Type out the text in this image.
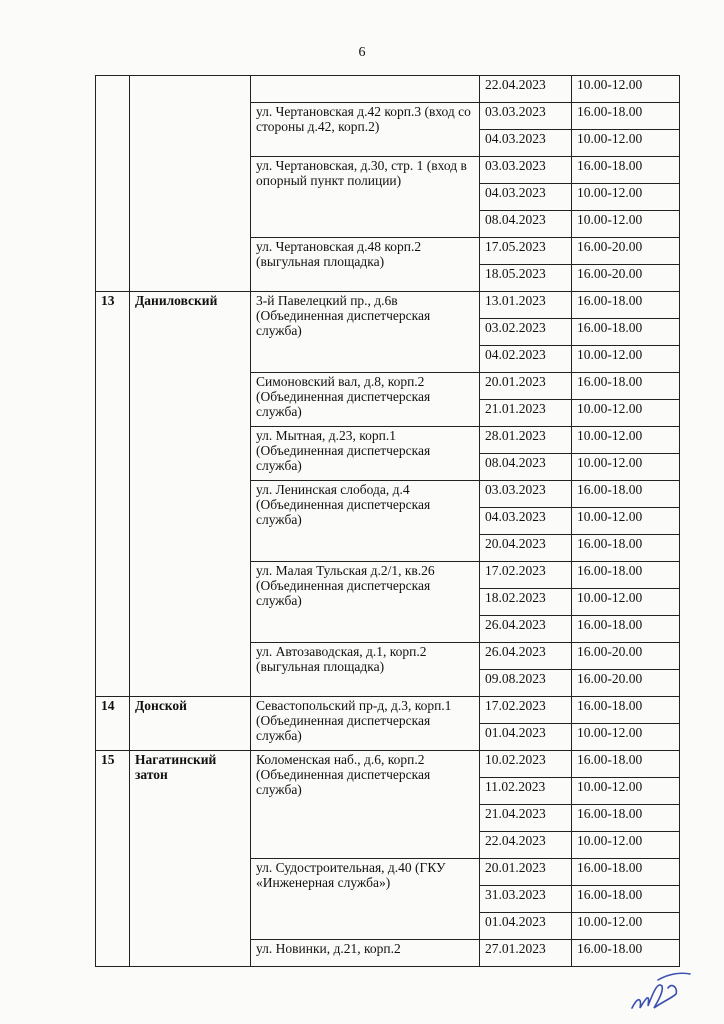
6
			22.04.2023	10.00-12.00
		ул. Чертановская д.42 корп.3 (вход со стороны д.42, корп.2)	03.03.2023	16.00-18.00
			04.03.2023	10.00-12.00
		ул. Чертановская, д.30, стр. 1 (вход в опорный пункт полиции)	03.03.2023	16.00-18.00
			04.03.2023	10.00-12.00
			08.04.2023	10.00-12.00
		ул. Чертановская д.48 корп.2 (выгульная площадка)	17.05.2023	16.00-20.00
			18.05.2023	16.00-20.00
13	Даниловский	3-й Павелецкий пр., д.6в (Объединенная диспетчерская служба)	13.01.2023	16.00-18.00
			03.02.2023	16.00-18.00
			04.02.2023	10.00-12.00
		Симоновский вал, д.8, корп.2 (Объединенная диспетчерская служба)	20.01.2023	16.00-18.00
			21.01.2023	10.00-12.00
		ул. Мытная, д.23, корп.1 (Объединенная диспетчерская служба)	28.01.2023	10.00-12.00
			08.04.2023	10.00-12.00
		ул. Ленинская слобода, д.4 (Объединенная диспетчерская служба)	03.03.2023	16.00-18.00
			04.03.2023	10.00-12.00
			20.04.2023	16.00-18.00
		ул. Малая Тульская д.2/1, кв.26 (Объединенная диспетчерская служба)	17.02.2023	16.00-18.00
			18.02.2023	10.00-12.00
			26.04.2023	16.00-18.00
		ул. Автозаводская, д.1, корп.2 (выгульная площадка)	26.04.2023	16.00-20.00
			09.08.2023	16.00-20.00
14	Донской	Севастопольский пр-д, д.3, корп.1 (Объединенная диспетчерская служба)	17.02.2023	16.00-18.00
			01.04.2023	10.00-12.00
15	Нагатинский затон	Коломенская наб., д.6, корп.2 (Объединенная диспетчерская служба)	10.02.2023	16.00-18.00
			11.02.2023	10.00-12.00
			21.04.2023	16.00-18.00
			22.04.2023	10.00-12.00
		ул. Судостроительная, д.40 (ГКУ «Инженерная служба»)	20.01.2023	16.00-18.00
			31.03.2023	16.00-18.00
			01.04.2023	10.00-12.00
		ул. Новинки, д.21, корп.2	27.01.2023	16.00-18.00
